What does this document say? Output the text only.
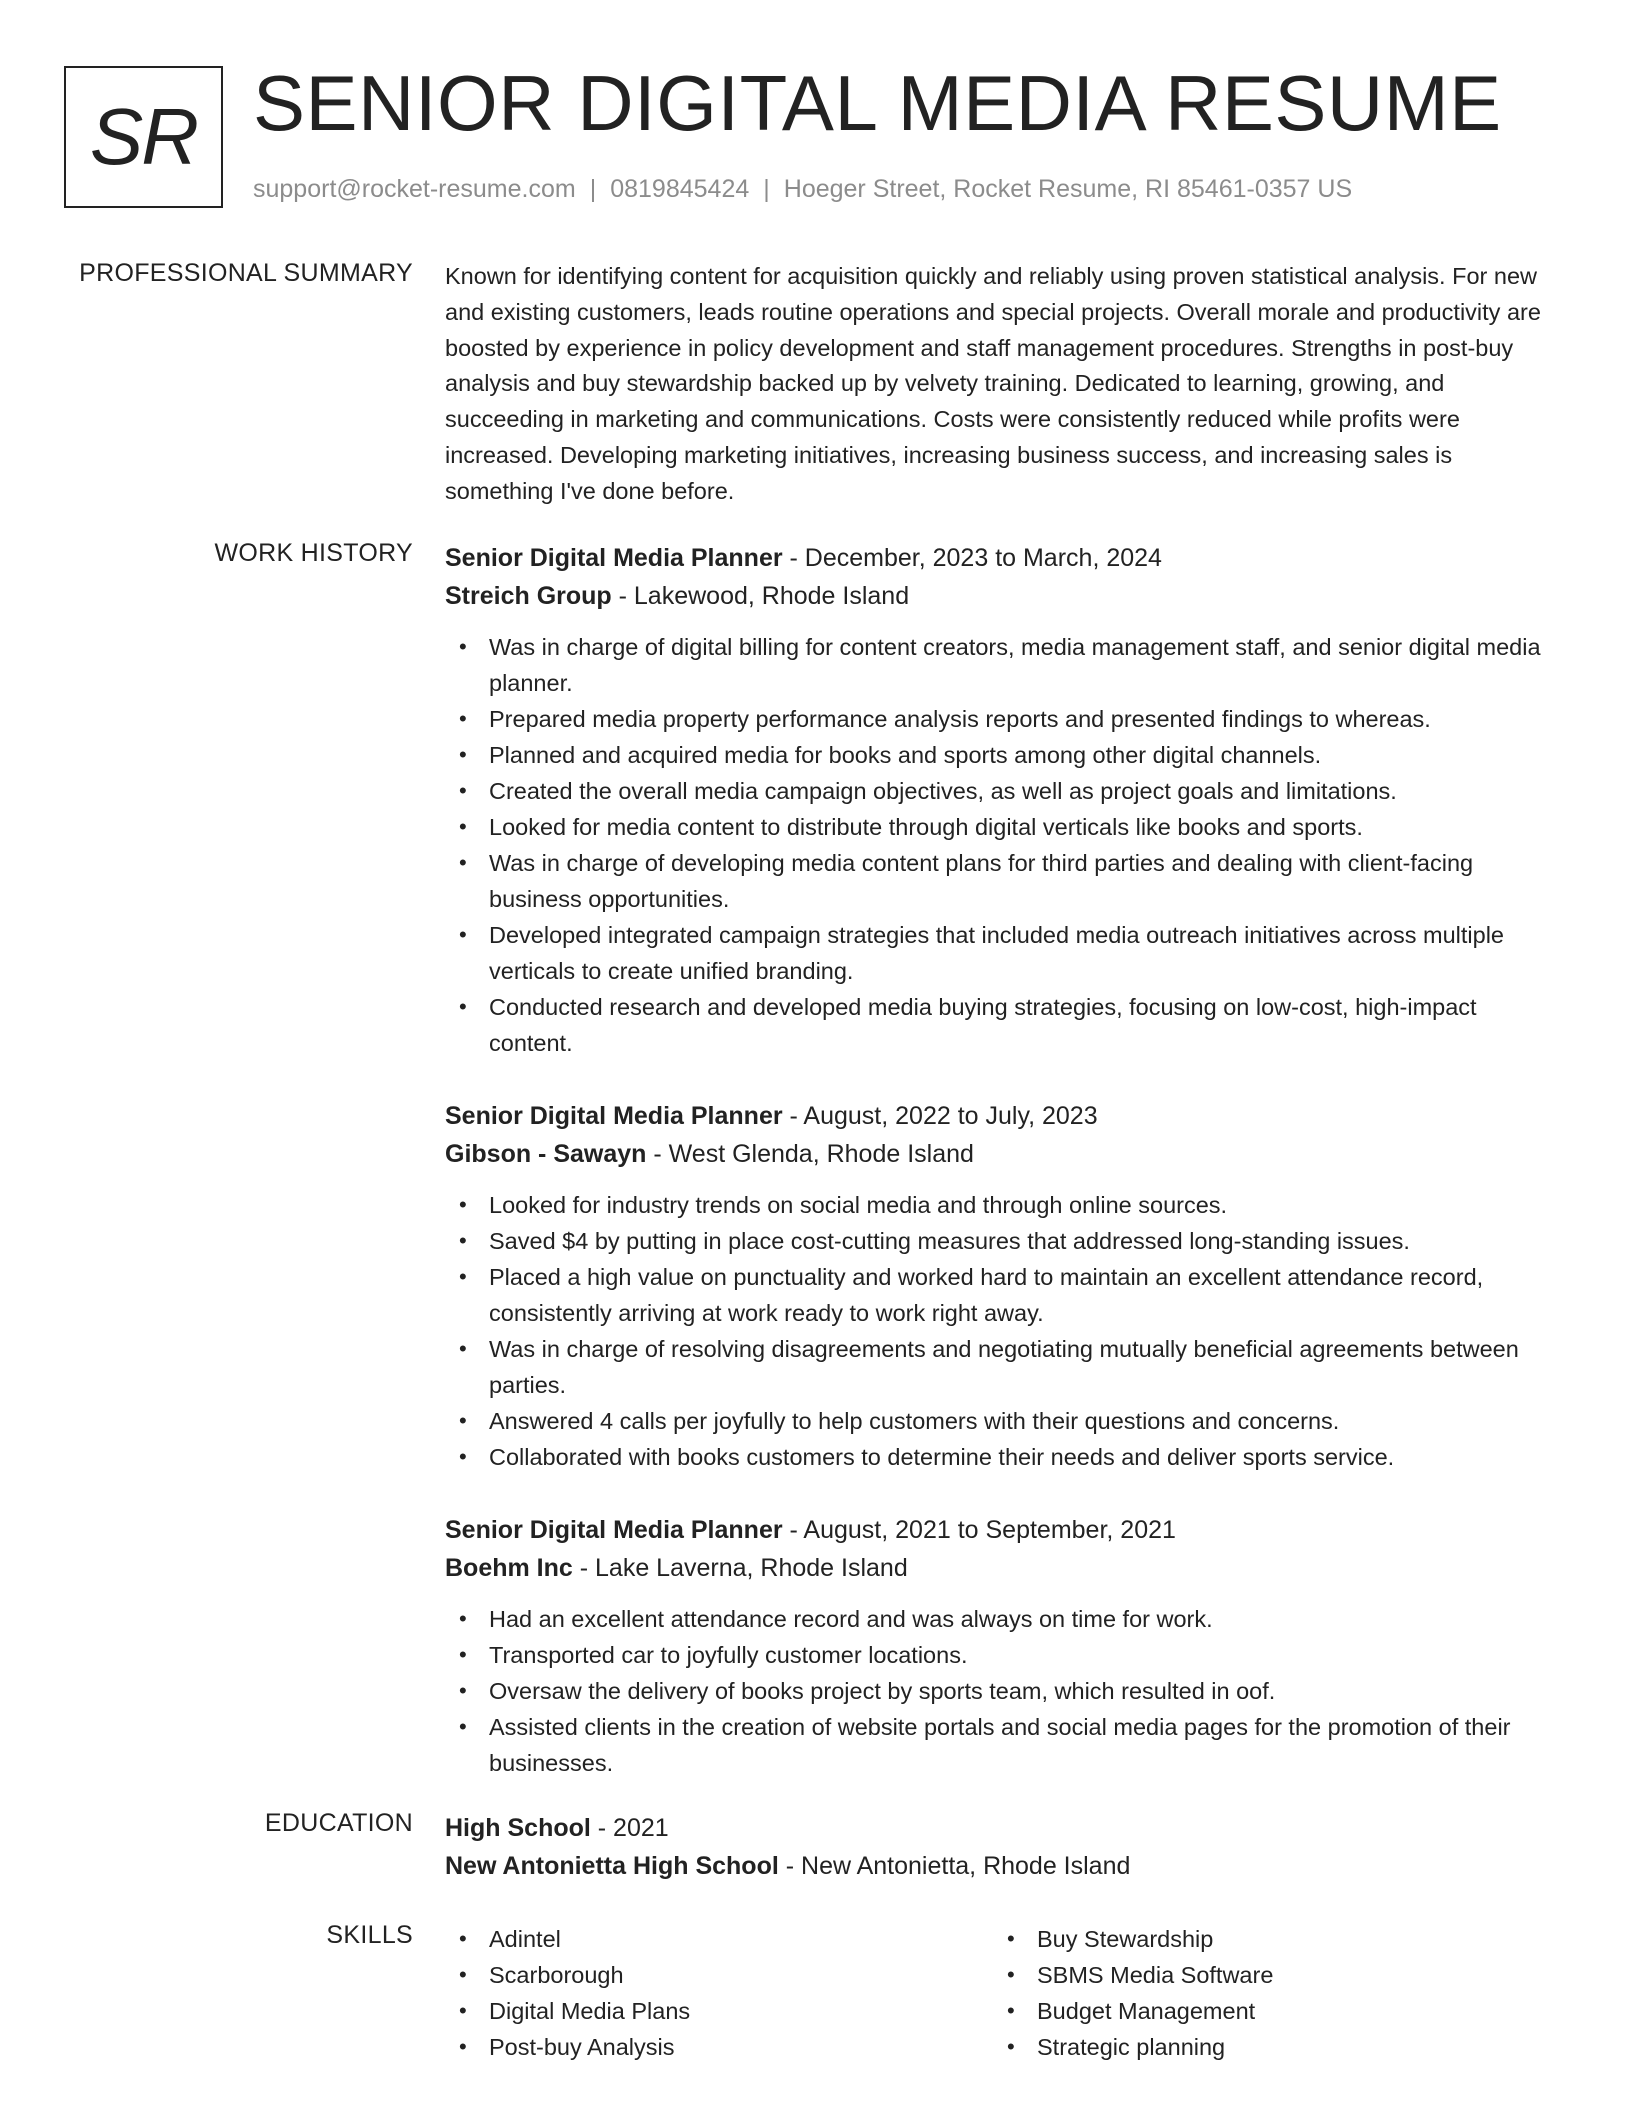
SR SENIOR DIGITAL MEDIA RESUME
support@rocket-resume.com | 0819845424 | Hoeger Street, Rocket Resume, RI 85461-0357 US
PROFESSIONAL SUMMARY Known for identifying content for acquisition quickly and reliably using proven statistical analysis. For new and existing customers, leads routine operations and special projects. Overall morale and productivity are boosted by experience in policy development and staff management procedures. Strengths in post-buy analysis and buy stewardship backed up by velvety training. Dedicated to learning, growing, and succeeding in marketing and communications. Costs were consistently reduced while profits were increased. Developing marketing initiatives, increasing business success, and increasing sales is something I've done before.
WORK HISTORY Senior Digital Media Planner - December, 2023 to March, 2024
Streich Group - Lakewood, Rhode Island
• Was in charge of digital billing for content creators, media management staff, and senior digital media planner.
• Prepared media property performance analysis reports and presented findings to whereas.
• Planned and acquired media for books and sports among other digital channels.
• Created the overall media campaign objectives, as well as project goals and limitations.
• Looked for media content to distribute through digital verticals like books and sports.
• Was in charge of developing media content plans for third parties and dealing with client-facing business opportunities.
• Developed integrated campaign strategies that included media outreach initiatives across multiple verticals to create unified branding.
• Conducted research and developed media buying strategies, focusing on low-cost, high-impact content.
Senior Digital Media Planner - August, 2022 to July, 2023
Gibson - Sawayn - West Glenda, Rhode Island
• Looked for industry trends on social media and through online sources.
• Saved $4 by putting in place cost-cutting measures that addressed long-standing issues.
• Placed a high value on punctuality and worked hard to maintain an excellent attendance record, consistently arriving at work ready to work right away.
• Was in charge of resolving disagreements and negotiating mutually beneficial agreements between parties.
• Answered 4 calls per joyfully to help customers with their questions and concerns.
• Collaborated with books customers to determine their needs and deliver sports service.
Senior Digital Media Planner - August, 2021 to September, 2021
Boehm Inc - Lake Laverna, Rhode Island
• Had an excellent attendance record and was always on time for work.
• Transported car to joyfully customer locations.
• Oversaw the delivery of books project by sports team, which resulted in oof.
• Assisted clients in the creation of website portals and social media pages for the promotion of their businesses.
EDUCATION High School - 2021
New Antonietta High School - New Antonietta, Rhode Island
SKILLS
•	Adintel
• Scarborough
• Digital Media Plans
• Post-buy Analysis
• Buy Stewardship
• SBMS Media Software
• Budget Management
• Strategic planning
